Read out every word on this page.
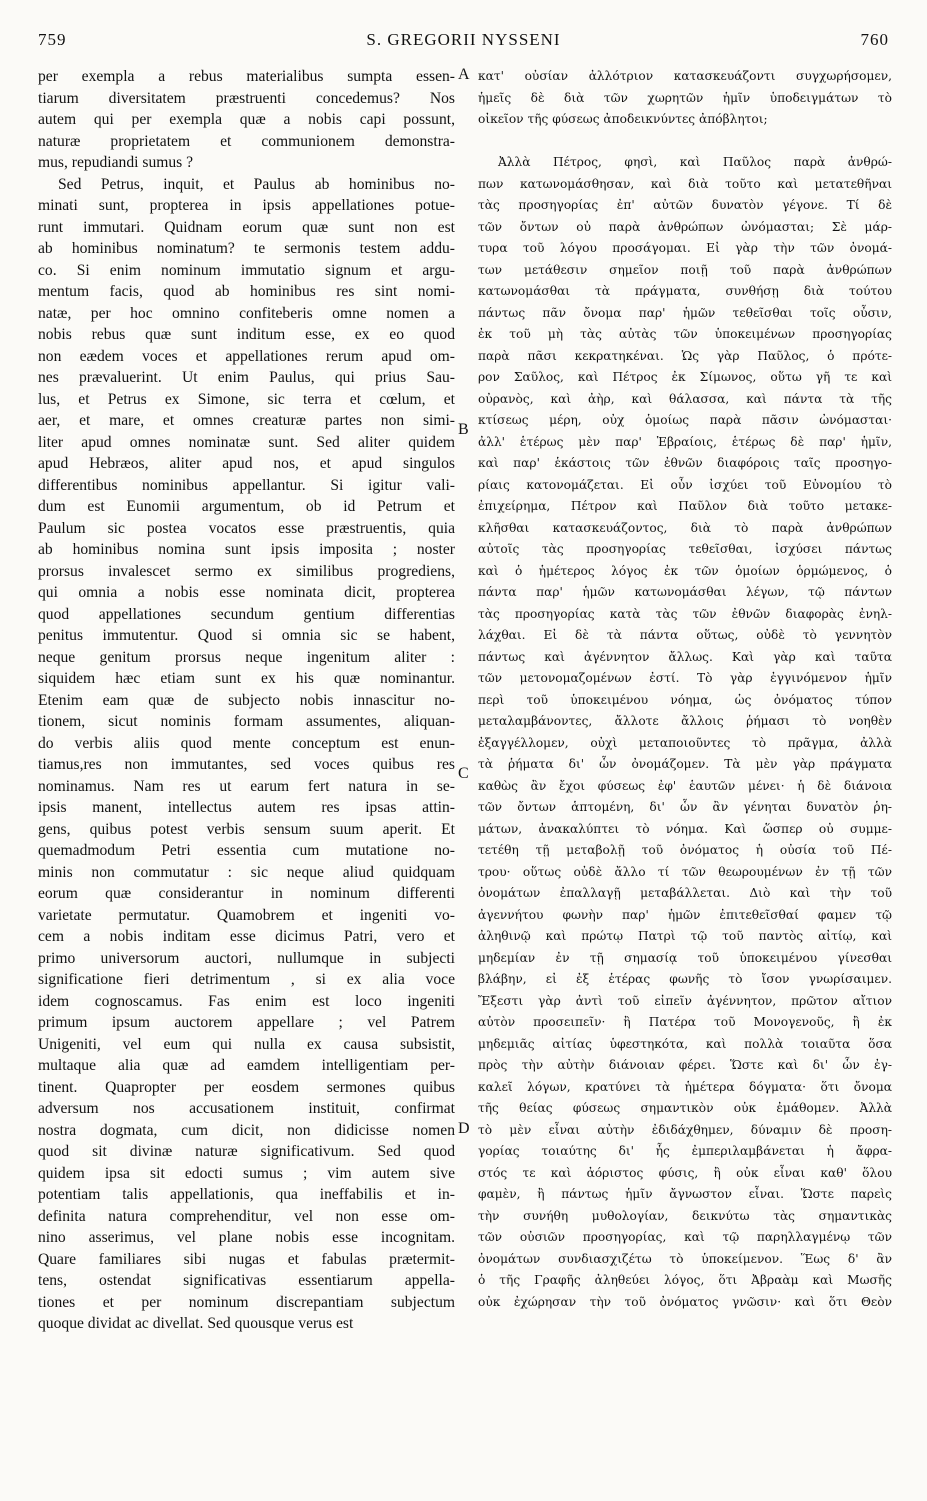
S. GREGORII NYSSENI
759	760
per exempla a rebus materialibus sumpta essen-
tiarum diversitatem præstruenti concedemus? Nos
autem qui per exempla quæ a nobis capi possunt,
naturæ proprietatem et communionem demonstra-
mus, repudiandi sumus ?
Sed Petrus, inquit, et Paulus ab hominibus no-
minati sunt, propterea in ipsis appellationes potue-
runt immutari. Quidnam eorum quæ sunt non est
ab hominibus nominatum? te sermonis testem addu-
co. Si enim nominum immutatio signum et argu-
mentum facis, quod ab hominibus res sint nomi-
natæ, per hoc omnino confiteberis omne nomen a
nobis rebus quæ sunt inditum esse, ex eo quod
non eædem voces et appellationes rerum apud om-
nes prævaluerint. Ut enim Paulus, qui prius Sau-
lus, et Petrus ex Simone, sic terra et cœlum, et
aer, et mare, et omnes creaturæ partes non simi-
liter apud omnes nominatæ sunt. Sed aliter quidem
apud Hebræos, aliter apud nos, et apud singulos
differentibus nominibus appellantur. Si igitur vali-
dum est Eunomii argumentum, ob id Petrum et
Paulum sic postea vocatos esse præstruentis, quia
ab hominibus nomina sunt ipsis imposita ; noster
prorsus invalescet sermo ex similibus progrediens,
qui omnia a nobis esse nominata dicit, propterea
quod appellationes secundum gentium differentias
penitus immutentur. Quod si omnia sic se habent,
neque genitum prorsus neque ingenitum aliter :
siquidem hæc etiam sunt ex his quæ nominantur.
Etenim eam quæ de subjecto nobis innascitur no-
tionem, sicut nominis formam assumentes, aliquan-
do verbis aliis quod mente conceptum est enun-
tiamus,res non immutantes, sed voces quibus res
nominamus. Nam res ut earum fert natura in se-
ipsis manent, intellectus autem res ipsas attin-
gens, quibus potest verbis sensum suum aperit. Et
quemadmodum Petri essentia cum mutatione no-
minis non commutatur : sic neque aliud quidquam
eorum quæ considerantur in nominum differenti
varietate permutatur. Quamobrem et ingeniti vo-
cem a nobis inditam esse dicimus Patri, vero et
primo universorum auctori, nullumque in subjecti
significatione fieri detrimentum , si ex alia voce
idem cognoscamus. Fas enim est loco ingeniti
primum ipsum auctorem appellare ; vel Patrem
Unigeniti, vel eum qui nulla ex causa subsistit,
multaque alia quæ ad eamdem intelligentiam per-
tinent. Quapropter per eosdem sermones quibus
adversum nos accusationem instituit, confirmat
nostra dogmata, cum dicit, non didicisse nomen
quod sit divinæ naturæ significativum. Sed quod
quidem ipsa sit edocti sumus ; vim autem sive
potentiam talis appellationis, qua ineffabilis et in-
definita natura comprehenditur, vel non esse om-
nino asserimus, vel plane nobis esse incognitam.
Quare familiares sibi nugas et fabulas prætermit-
tens, ostendat significativas essentiarum appella-
tiones et per nominum discrepantiam subjectum
quoque dividat ac divellat. Sed quousque verus est
κατ' οὐσίαν ἀλλότριον κατασκευάζοντι συγχωρήσομεν,
ἡμεῖς δὲ διὰ τῶν χωρητῶν ἡμῖν ὑποδειγμάτων τὸ
οἰκεῖον τῆς φύσεως ἀποδεικνύντες ἀπόβλητοι;
Ἀλλὰ Πέτρος, φησὶ, καὶ Παῦλος παρὰ ἀνθρώ-
πων κατωνομάσθησαν, καὶ διὰ τοῦτο καὶ μετατεθῆναι
τὰς προσηγορίας ἐπ' αὐτῶν δυνατὸν γέγονε. Τί δὲ
τῶν ὄντων οὐ παρὰ ἀνθρώπων ὠνόμασται; Σὲ μάρ-
τυρα τοῦ λόγου προσάγομαι. Εἰ γὰρ τὴν τῶν ὀνομά-
των μετάθεσιν σημεῖον ποιῇ τοῦ παρὰ ἀνθρώπων
κατωνομάσθαι τὰ πράγματα, συνθήσῃ διὰ τούτου
πάντως πᾶν ὄνομα παρ' ἡμῶν τεθεῖσθαι τοῖς οὖσιν,
ἐκ τοῦ μὴ τὰς αὐτὰς τῶν ὑποκειμένων προσηγορίας
παρὰ πᾶσι κεκρατηκέναι. Ὡς γὰρ Παῦλος, ὁ πρότε-
ρον Σαῦλος, καὶ Πέτρος ἐκ Σίμωνος, οὕτω γῆ τε καὶ
οὐρανὸς, καὶ ἀὴρ, καὶ θάλασσα, καὶ πάντα τὰ τῆς
κτίσεως μέρη, οὐχ ὁμοίως παρὰ πᾶσιν ὠνόμασται·
ἀλλ' ἑτέρως μὲν παρ' Ἑβραίοις, ἑτέρως δὲ παρ' ἡμῖν,
καὶ παρ' ἑκάστοις τῶν ἐθνῶν διαφόροις ταῖς προσηγο-
ρίαις κατονομάζεται. Εἰ οὖν ἰσχύει τοῦ Εὐνομίου τὸ
ἐπιχείρημα, Πέτρον καὶ Παῦλον διὰ τοῦτο μετακε-
κλῆσθαι κατασκευάζοντος, διὰ τὸ παρὰ ἀνθρώπων
αὐτοῖς τὰς προσηγορίας τεθεῖσθαι, ἰσχύσει πάντως
καὶ ὁ ἡμέτερος λόγος ἐκ τῶν ὁμοίων ὁρμώμενος, ὁ
πάντα παρ' ἡμῶν κατωνομάσθαι λέγων, τῷ πάντων
τὰς προσηγορίας κατὰ τὰς τῶν ἐθνῶν διαφορὰς ἐνηλ-
λάχθαι. Εἰ δὲ τὰ πάντα οὕτως, οὐδὲ τὸ γεννητὸν
πάντως καὶ ἀγέννητον ἄλλως. Καὶ γὰρ καὶ ταῦτα
τῶν μετονομαζομένων ἐστί. Τὸ γὰρ ἐγγινόμενον ἡμῖν
περὶ τοῦ ὑποκειμένου νόημα, ὡς ὀνόματος τύπον
μεταλαμβάνοντες, ἄλλοτε ἄλλοις ῥήμασι τὸ νοηθὲν
ἐξαγγέλλομεν, οὐχὶ μεταποιοῦντες τὸ πρᾶγμα, ἀλλὰ
τὰ ῥήματα δι' ὧν ὀνομάζομεν. Τὰ μὲν γὰρ πράγματα
καθὼς ἂν ἔχοι φύσεως ἐφ' ἑαυτῶν μένει· ἡ δὲ διάνοια
τῶν ὄντων ἁπτομένη, δι' ὧν ἂν γένηται δυνατὸν ῥη-
μάτων, ἀνακαλύπτει τὸ νόημα. Καὶ ὥσπερ οὐ συμμε-
τετέθη τῇ μεταβολῇ τοῦ ὀνόματος ἡ οὐσία τοῦ Πέ-
τρου· οὕτως οὐδὲ ἄλλο τί τῶν θεωρουμένων ἐν τῇ τῶν
ὀνομάτων ἐπαλλαγῇ μεταβάλλεται. Διὸ καὶ τὴν τοῦ
ἀγεννήτου φωνὴν παρ' ἡμῶν ἐπιτεθεῖσθαί φαμεν τῷ
ἀληθινῷ καὶ πρώτῳ Πατρὶ τῷ τοῦ παντὸς αἰτίῳ, καὶ
μηδεμίαν ἐν τῇ σημασίᾳ τοῦ ὑποκειμένου γίνεσθαι
βλάβην, εἰ ἐξ ἑτέρας φωνῆς τὸ ἴσον γνωρίσαιμεν.
Ἔξεστι γὰρ ἀντὶ τοῦ εἰπεῖν ἀγέννητον, πρῶτον αἴτιον
αὐτὸν προσειπεῖν· ἢ Πατέρα τοῦ Μονογενοῦς, ἢ ἐκ
μηδεμιᾶς αἰτίας ὑφεστηκότα, καὶ πολλὰ τοιαῦτα ὅσα
πρὸς τὴν αὐτὴν διάνοιαν φέρει. Ὥστε καὶ δι' ὧν ἐγ-
καλεῖ λόγων, κρατύνει τὰ ἡμέτερα δόγματα· ὅτι ὄνομα
τῆς θείας φύσεως σημαντικὸν οὐκ ἐμάθομεν. Ἀλλὰ
τὸ μὲν εἶναι αὐτὴν ἐδιδάχθημεν, δύναμιν δὲ προση-
γορίας τοιαύτης δι' ἧς ἐμπεριλαμβάνεται ἡ ἄφρα-
στός τε καὶ ἀόριστος φύσις, ἢ οὐκ εἶναι καθ' ὅλου
φαμὲν, ἢ πάντως ἡμῖν ἄγνωστον εἶναι. Ὥστε παρεὶς
τὴν συνήθη μυθολογίαν, δεικνύτω τὰς σημαντικὰς
τῶν οὐσιῶν προσηγορίας, καὶ τῷ παρηλλαγμένῳ τῶν
ὀνομάτων συνδιασχιζέτω τὸ ὑποκείμενον. Ἕως δ' ἂν
ὁ τῆς Γραφῆς ἀληθεύει λόγος, ὅτι Ἀβραὰμ καὶ Μωσῆς
οὐκ ἐχώρησαν τὴν τοῦ ὀνόματος γνῶσιν· καὶ ὅτι Θεὸν
A
B
C
D
